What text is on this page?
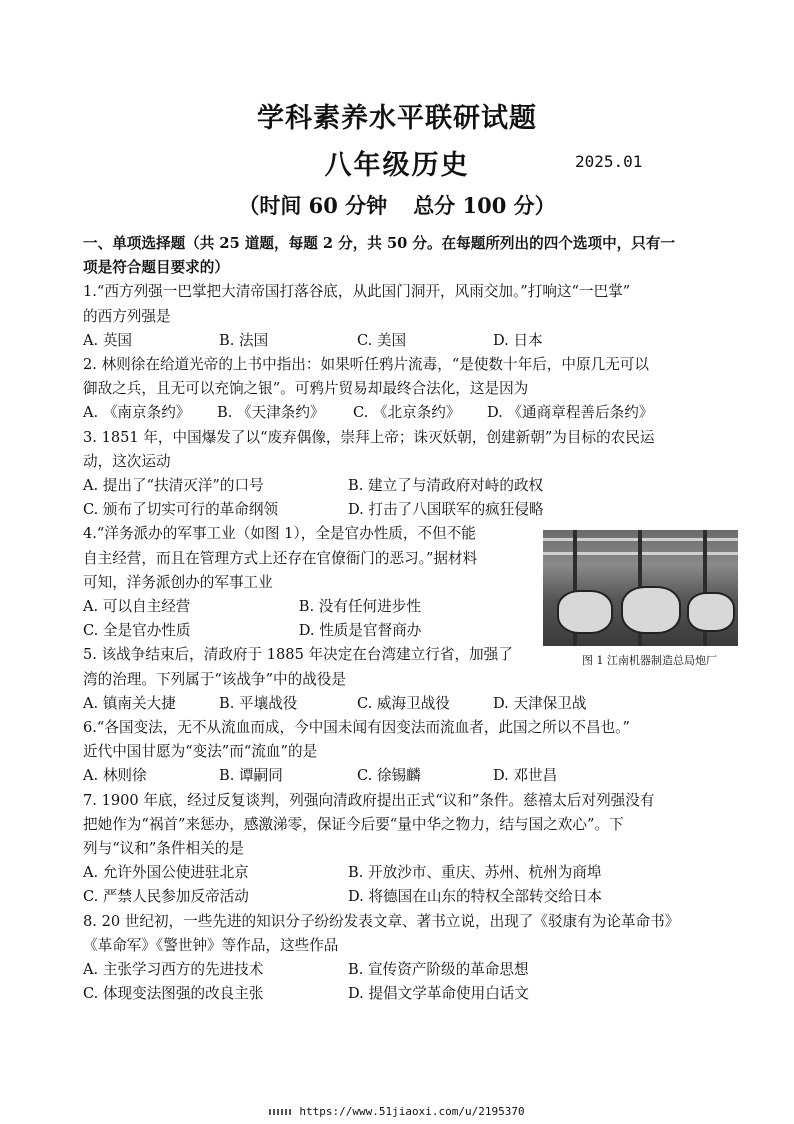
学科素养水平联研试题
八年级历史	2025.01
（时间 60 分钟 总分 100 分）
一、单项选择题（共 25 道题，每题 2 分，共 50 分。在每题所列出的四个选项中，只有一
项是符合题目要求的）
1.“西方列强一巴掌把大清帝国打落谷底，从此国门洞开，风雨交加。”打响这“一巴掌”
的西方列强是
A. 英国	B. 法国	C. 美国	D. 日本
2. 林则徐在给道光帝的上书中指出：如果听任鸦片流毒，“是使数十年后，中原几无可以
御敌之兵，且无可以充饷之银”。可鸦片贸易却最终合法化，这是因为
A. 《南京条约》	B. 《天津条约》	C. 《北京条约》	D. 《通商章程善后条约》
3. 1851 年，中国爆发了以“废弃偶像，崇拜上帝；诛灭妖朝，创建新朝”为目标的农民运
动，这次运动
A. 提出了“扶清灭洋”的口号	B. 建立了与清政府对峙的政权
C. 颁布了切实可行的革命纲领	D. 打击了八国联军的疯狂侵略
4.“洋务派办的军事工业（如图 1），全是官办性质，不但不能
自主经营，而且在管理方式上还存在官僚衙门的恶习。”据材料
可知，洋务派创办的军事工业
A. 可以自主经营	B. 没有任何进步性
C. 全是官办性质	D. 性质是官督商办
5. 该战争结束后，清政府于 1885 年决定在台湾建立行省，加强了
湾的治理。下列属于“该战争”中的战役是
A. 镇南关大捷	B. 平壤战役	C. 威海卫战役	D. 天津保卫战
6.“各国变法，无不从流血而成，今中国未闻有因变法而流血者，此国之所以不昌也。”
近代中国甘愿为“变法”而“流血”的是
A. 林则徐	B. 谭嗣同	C. 徐锡麟	D. 邓世昌
7. 1900 年底，经过反复谈判，列强向清政府提出正式“议和”条件。慈禧太后对列强没有
把她作为“祸首”来惩办，感激涕零，保证今后要“量中华之物力，结与国之欢心”。下
列与“议和”条件相关的是
A. 允许外国公使进驻北京	B. 开放沙市、重庆、苏州、杭州为商埠
C. 严禁人民参加反帝活动	D. 将德国在山东的特权全部转交给日本
8. 20 世纪初，一些先进的知识分子纷纷发表文章、著书立说，出现了《驳康有为论革命书》
《革命军》《警世钟》等作品，这些作品
A. 主张学习西方的先进技术	B. 宣传资产阶级的革命思想
C. 体现变法图强的改良主张	D. 提倡文学革命使用白话文
图 1 江南机器制造总局炮厂
https://www.51jiaoxi.com/u/2195370
